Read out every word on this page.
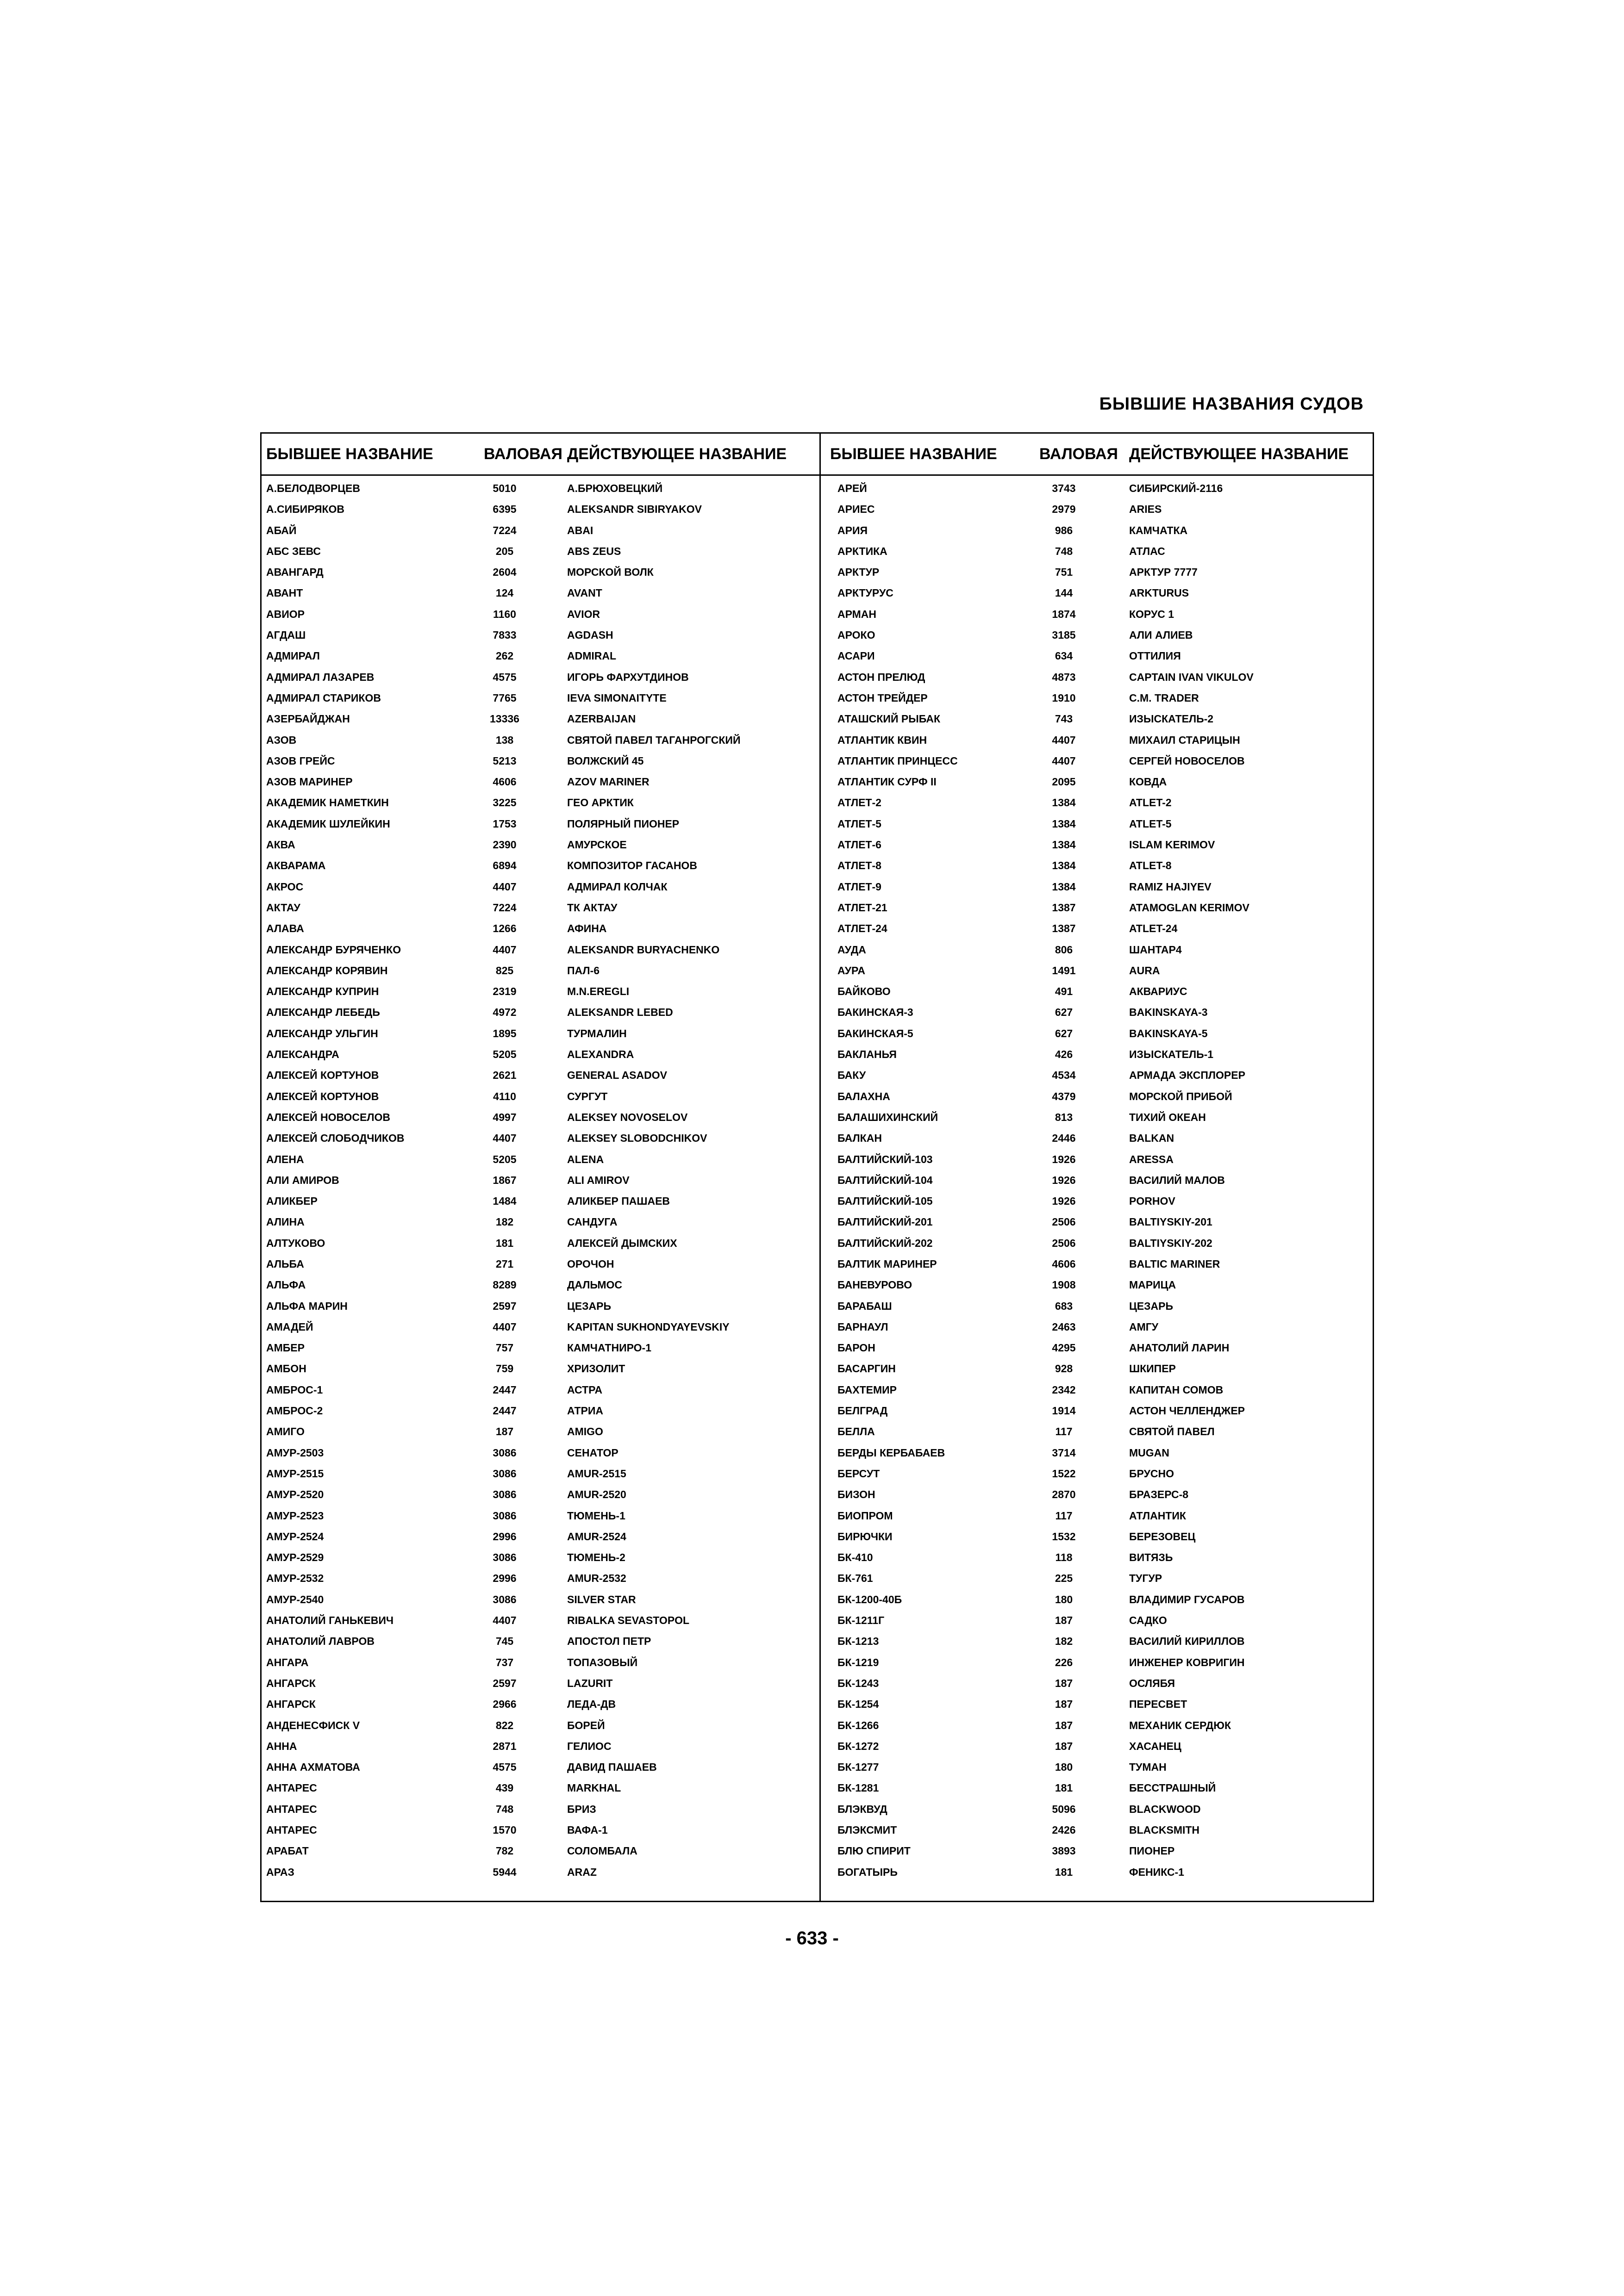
БЫВШИЕ НАЗВАНИЯ СУДОВ
БЫВШЕЕ НАЗВАНИЕ	ВАЛОВАЯ ДЕЙСТВУЮЩЕЕ НАЗВАНИЕ
А.БЕЛОДВОРЦЕВ	5010	А.БРЮХОВЕЦКИЙ
А.СИБИРЯКОВ	6395	ALEKSANDR SIBIRYAKOV
АБАЙ	7224	ABAI
АБС ЗЕВС	205	ABS ZEUS
АВАНГАРД	2604	МОРСКОЙ ВОЛК
АВАНТ	124	AVANT
АВИОР	1160	AVIOR
АГДАШ	7833	AGDASH
АДМИРАЛ	262	ADMIRAL
АДМИРАЛ ЛАЗАРЕВ	4575	ИГОРЬ ФАРХУТДИНОВ
АДМИРАЛ СТАРИКОВ	7765	IEVA SIMONAITYTE
АЗЕРБАЙДЖАН	13336	AZERBAIJAN
АЗОВ	138	СВЯТОЙ ПАВЕЛ ТАГАНРОГСКИЙ
АЗОВ ГРЕЙС	5213	ВОЛЖСКИЙ 45
АЗОВ МАРИНЕР	4606	AZOV MARINER
АКАДЕМИК НАМЕТКИН	3225	ГЕО АРКТИК
АКАДЕМИК ШУЛЕЙКИН	1753	ПОЛЯРНЫЙ ПИОНЕР
АКВА	2390	АМУРСКОЕ
АКВАРАМА	6894	КОМПОЗИТОР ГАСАНОВ
АКРОС	4407	АДМИРАЛ КОЛЧАК
АКТАУ	7224	ТК АКТАУ
АЛАВА	1266	АФИНА
АЛЕКСАНДР БУРЯЧЕНКО	4407	ALEKSANDR BURYACHENKO
АЛЕКСАНДР КОРЯВИН	825	ПАЛ-6
АЛЕКСАНДР КУПРИН	2319	M.N.EREGLI
АЛЕКСАНДР ЛЕБЕДЬ	4972	ALEKSANDR LEBED
АЛЕКСАНДР УЛЬГИН	1895	ТУРМАЛИН
АЛЕКСАНДРА	5205	ALEXANDRA
АЛЕКСЕЙ КОРТУНОВ	2621	GENERAL ASADOV
АЛЕКСЕЙ КОРТУНОВ	4110	СУРГУТ
АЛЕКСЕЙ НОВОСЕЛОВ	4997	ALEKSEY NOVOSELOV
АЛЕКСЕЙ СЛОБОДЧИКОВ	4407	ALEKSEY SLOBODCHIKOV
АЛЕНА	5205	ALENA
АЛИ АМИРОВ	1867	ALI AMIROV
АЛИКБЕР	1484	АЛИКБЕР ПАШАЕВ
АЛИНА	182	САНДУГА
АЛТУКОВО	181	АЛЕКСЕЙ ДЫМСКИХ
АЛЬБА	271	ОРОЧОН
АЛЬФА	8289	ДАЛЬМОС
АЛЬФА МАРИН	2597	ЦЕЗАРЬ
АМАДЕЙ	4407	KAPITAN SUKHONDYAYEVSKIY
АМБЕР	757	КАМЧАТНИРО-1
АМБОН	759	ХРИЗОЛИТ
АМБРОС-1	2447	АСТРА
АМБРОС-2	2447	АТРИА
АМИГО	187	AMIGO
АМУР-2503	3086	СЕНАТОР
АМУР-2515	3086	AMUR-2515
АМУР-2520	3086	AMUR-2520
АМУР-2523	3086	ТЮМЕНЬ-1
АМУР-2524	2996	AMUR-2524
АМУР-2529	3086	ТЮМЕНЬ-2
АМУР-2532	2996	AMUR-2532
АМУР-2540	3086	SILVER STAR
АНАТОЛИЙ ГАНЬКЕВИЧ	4407	RIBALKA SEVASTOPOL
АНАТОЛИЙ ЛАВРОВ	745	АПОСТОЛ ПЕТР
АНГАРА	737	ТОПАЗОВЫЙ
АНГАРСК	2597	LAZURIT
АНГАРСК	2966	ЛЕДА-ДВ
АНДЕНЕСФИСК V	822	БОРЕЙ
АННА	2871	ГЕЛИОС
АННА АХМАТОВА	4575	ДАВИД ПАШАЕВ
АНТАРЕС	439	MARKHAL
АНТАРЕС	748	БРИЗ
АНТАРЕС	1570	ВАФА-1
АРАБАТ	782	СОЛОМБАЛА
АРАЗ	5944	ARAZ
БЫВШЕЕ НАЗВАНИЕ	ВАЛОВАЯ ДЕЙСТВУЮЩЕЕ НАЗВАНИЕ
АРЕЙ	3743	СИБИРСКИЙ-2116
АРИЕС	2979	ARIES
АРИЯ	986	КАМЧАТКА
АРКТИКА	748	АТЛАС
АРКТУР	751	АРКТУР 7777
АРКТУРУС	144	ARKTURUS
АРМАН	1874	КОРУС 1
АРОКО	3185	АЛИ АЛИЕВ
АСАРИ	634	ОТТИЛИЯ
АСТОН ПРЕЛЮД	4873	CAPTAIN IVAN VIKULOV
АСТОН ТРЕЙДЕР	1910	C.M. TRADER
АТАШСКИЙ РЫБАК	743	ИЗЫСКАТЕЛЬ-2
АТЛАНТИК КВИН	4407	МИХАИЛ СТАРИЦЫН
АТЛАНТИК ПРИНЦЕСС	4407	СЕРГЕЙ НОВОСЕЛОВ
АТЛАНТИК СУРФ II	2095	КОВДА
АТЛЕТ-2	1384	ATLET-2
АТЛЕТ-5	1384	ATLET-5
АТЛЕТ-6	1384	ISLAM KERIMOV
АТЛЕТ-8	1384	ATLET-8
АТЛЕТ-9	1384	RAMIZ HAJIYEV
АТЛЕТ-21	1387	ATAMOGLAN KERIMOV
АТЛЕТ-24	1387	ATLET-24
АУДА	806	ШАНТАР4
АУРА	1491	AURA
БАЙКОВО	491	АКВАРИУС
БАКИНСКАЯ-3	627	BAKINSKAYA-3
БАКИНСКАЯ-5	627	BAKINSKAYA-5
БАКЛАНЬЯ	426	ИЗЫСКАТЕЛЬ-1
БАКУ	4534	АРМАДА ЭКСПЛОРЕР
БАЛАХНА	4379	МОРСКОЙ ПРИБОЙ
БАЛАШИХИНСКИЙ	813	ТИХИЙ ОКЕАН
БАЛКАН	2446	BALKAN
БАЛТИЙСКИЙ-103	1926	ARESSA
БАЛТИЙСКИЙ-104	1926	ВАСИЛИЙ МАЛОВ
БАЛТИЙСКИЙ-105	1926	PORHOV
БАЛТИЙСКИЙ-201	2506	BALTIYSKIY-201
БАЛТИЙСКИЙ-202	2506	BALTIYSKIY-202
БАЛТИК МАРИНЕР	4606	BALTIC MARINER
БАНЕВУРОВО	1908	МАРИЦА
БАРАБАШ	683	ЦЕЗАРЬ
БАРНАУЛ	2463	АМГУ
БАРОН	4295	АНАТОЛИЙ ЛАРИН
БАСАРГИН	928	ШКИПЕР
БАХТЕМИР	2342	КАПИТАН СОМОВ
БЕЛГРАД	1914	АСТОН ЧЕЛЛЕНДЖЕР
БЕЛЛА	117	СВЯТОЙ ПАВЕЛ
БЕРДЫ КЕРБАБАЕВ	3714	MUGAN
БЕРСУТ	1522	БРУСНО
БИЗОН	2870	БРАЗЕРС-8
БИОПРОМ	117	АТЛАНТИК
БИРЮЧКИ	1532	БЕРЕЗОВЕЦ
БК-410	118	ВИТЯЗЬ
БК-761	225	ТУГУР
БК-1200-40Б	180	ВЛАДИМИР ГУСАРОВ
БК-1211Г	187	САДКО
БК-1213	182	ВАСИЛИЙ КИРИЛЛОВ
БК-1219	226	ИНЖЕНЕР КОВРИГИН
БК-1243	187	ОСЛЯБЯ
БК-1254	187	ПЕРЕСВЕТ
БК-1266	187	МЕХАНИК СЕРДЮК
БК-1272	187	ХАСАНЕЦ
БК-1277	180	ТУМАН
БК-1281	181	БЕССТРАШНЫЙ
БЛЭКВУД	5096	BLACKWOOD
БЛЭКСМИТ	2426	BLACKSMITH
БЛЮ СПИРИТ	3893	ПИОНЕР
БОГАТЫРЬ	181	ФЕНИКС-1
- 633 -
